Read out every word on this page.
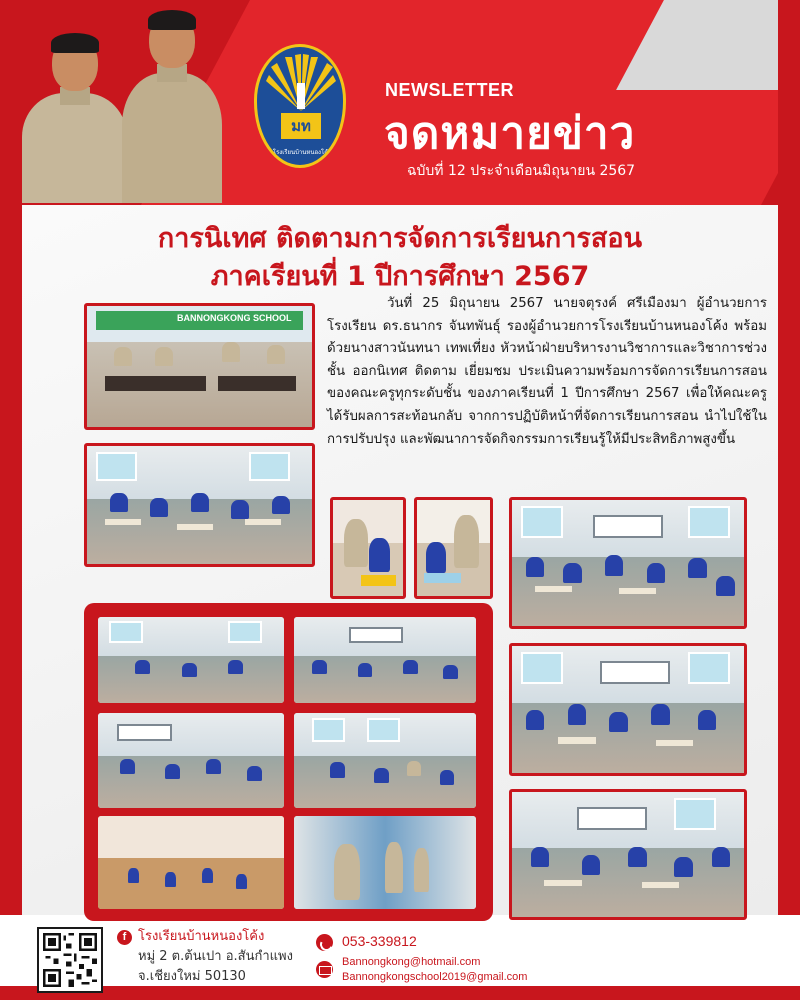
มท
โรงเรียนบ้านหนองโค้ง
NEWSLETTER
จดหมายข่าว
ฉบับที่ 12 ประจำเดือนมิถุนายน 2567
การนิเทศ ติดตามการจัดการเรียนการสอน
ภาคเรียนที่ 1 ปีการศึกษา 2567
วันที่ 25 มิถุนายน 2567 นายจตุรงค์ ศรีเมืองมา ผู้อำนวยการโรงเรียน ดร.ธนากร จันทพันธุ์ รองผู้อำนวยการโรงเรียนบ้านหนองโค้ง พร้อมด้วยนางสาวนันทนา เทพเที่ยง หัวหน้าฝ่ายบริหารงานวิชาการและวิชาการช่วงชั้น ออกนิเทศ ติดตาม เยี่ยมชม ประเมินความพร้อมการจัดการเรียนการสอนของคณะครูทุกระดับชั้น ของภาคเรียนที่ 1 ปีการศึกษา 2567 เพื่อให้คณะครู ได้รับผลการสะท้อนกลับ จากการปฏิบัติหน้าที่จัดการเรียนการสอน นำไปใช้ในการปรับปรุง และพัฒนาการจัดกิจกรรมการเรียนรู้ให้มีประสิทธิภาพสูงขึ้น
BANNONGKONG SCHOOL
f โรงเรียนบ้านหนองโค้ง
หมู่ 2 ต.ต้นเปา อ.สันกำแพง
จ.เชียงใหม่ 50130
053-339812
Bannongkong@hotmail.com
Bannongkongschool2019@gmail.com
